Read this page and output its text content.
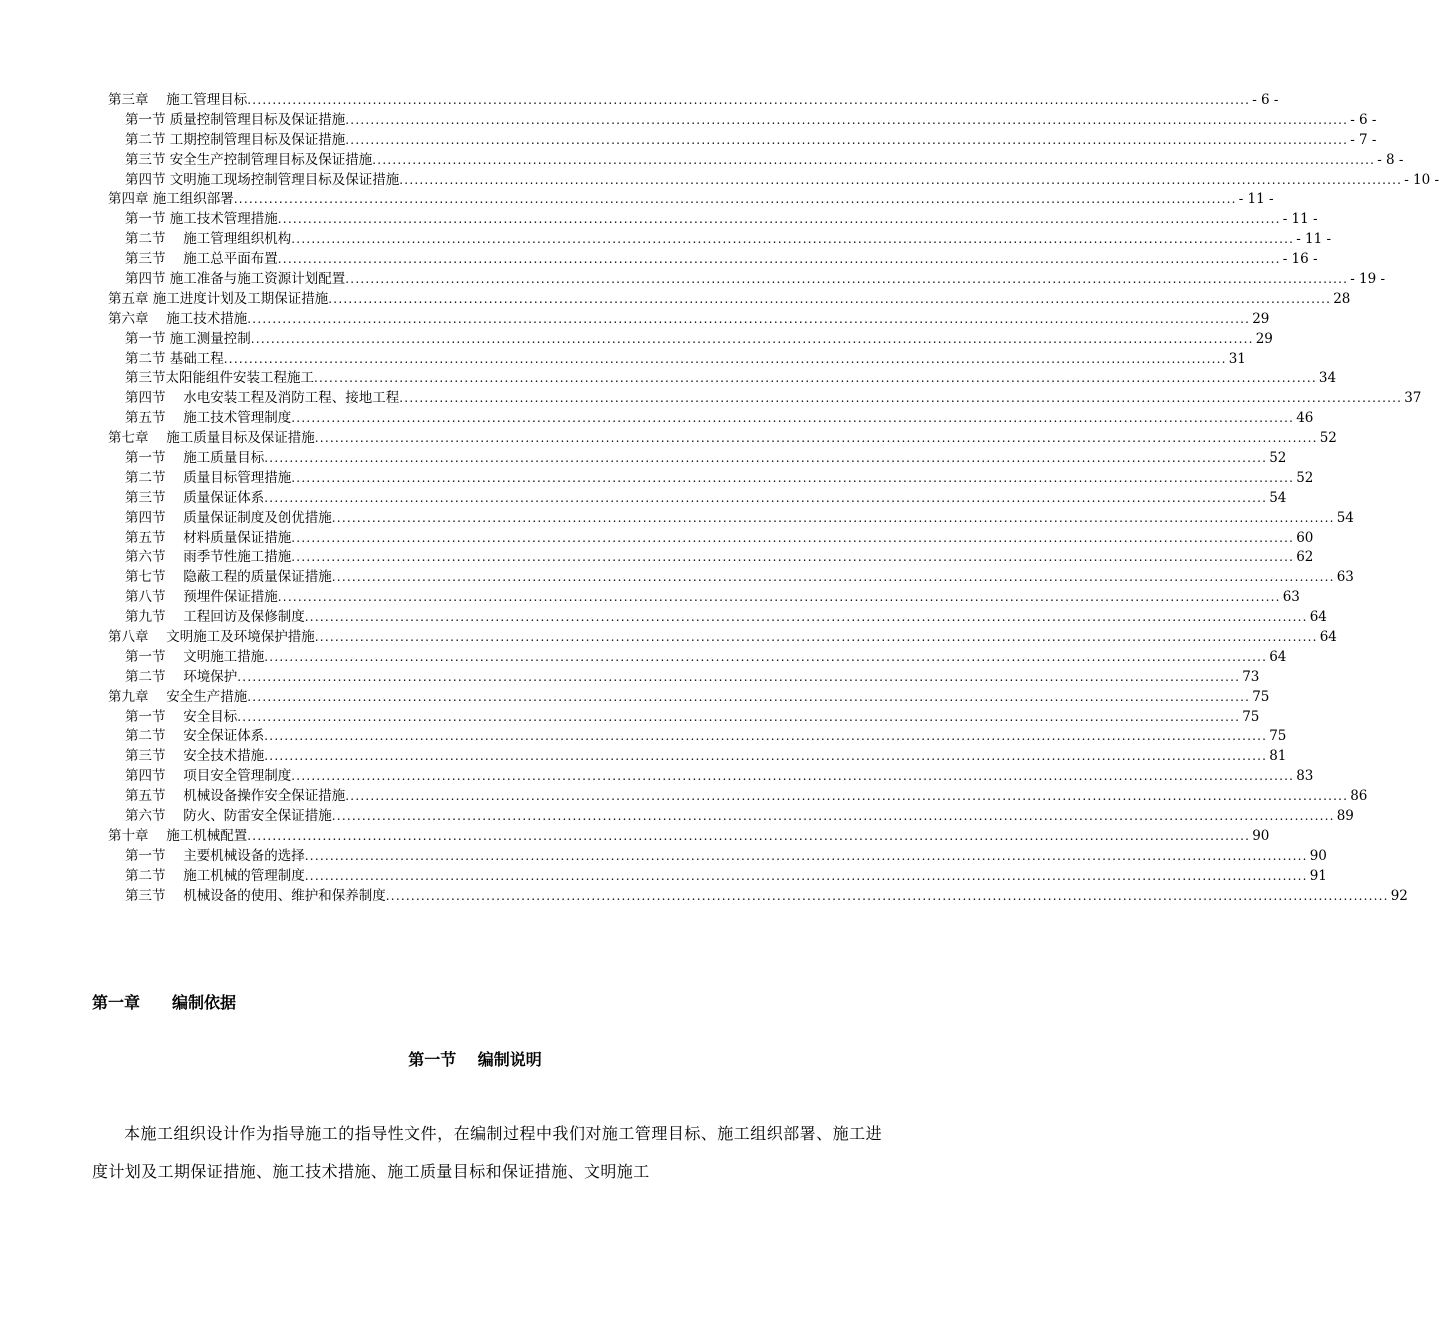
第三章　 施工管理目标 ........................................................................................................................................................................................................ - 6 -
第一节 质量控制管理目标及保证措施 ........................................................................................................................................................................................................ - 6 -
第二节 工期控制管理目标及保证措施 ........................................................................................................................................................................................................ - 7 -
第三节 安全生产控制管理目标及保证措施 ........................................................................................................................................................................................................ - 8 -
第四节 文明施工现场控制管理目标及保证措施 ........................................................................................................................................................................................................ - 10 -
第四章 施工组织部署 ........................................................................................................................................................................................................ - 11 -
第一节 施工技术管理措施 ........................................................................................................................................................................................................ - 11 -
第二节　 施工管理组织机构 ........................................................................................................................................................................................................ - 11 -
第三节　 施工总平面布置 ........................................................................................................................................................................................................ - 16 -
第四节 施工准备与施工资源计划配置 ........................................................................................................................................................................................................ - 19 -
第五章 施工进度计划及工期保证措施 ........................................................................................................................................................................................................ 28
第六章　 施工技术措施 ........................................................................................................................................................................................................ 29
第一节 施工测量控制 ........................................................................................................................................................................................................ 29
第二节 基础工程 ........................................................................................................................................................................................................ 31
第三节太阳能组件安装工程施工 ........................................................................................................................................................................................................ 34
第四节　 水电安装工程及消防工程、接地工程 ........................................................................................................................................................................................................ 37
第五节　 施工技术管理制度 ........................................................................................................................................................................................................ 46
第七章　 施工质量目标及保证措施 ........................................................................................................................................................................................................ 52
第一节　 施工质量目标 ........................................................................................................................................................................................................ 52
第二节　 质量目标管理措施 ........................................................................................................................................................................................................ 52
第三节　 质量保证体系 ........................................................................................................................................................................................................ 54
第四节　 质量保证制度及创优措施 ........................................................................................................................................................................................................ 54
第五节　 材料质量保证措施 ........................................................................................................................................................................................................ 60
第六节　 雨季节性施工措施 ........................................................................................................................................................................................................ 62
第七节　 隐蔽工程的质量保证措施 ........................................................................................................................................................................................................ 63
第八节　 预埋件保证措施 ........................................................................................................................................................................................................ 63
第九节　 工程回访及保修制度 ........................................................................................................................................................................................................ 64
第八章　 文明施工及环境保护措施 ........................................................................................................................................................................................................ 64
第一节　 文明施工措施 ........................................................................................................................................................................................................ 64
第二节　 环境保护 ........................................................................................................................................................................................................ 73
第九章　 安全生产措施 ........................................................................................................................................................................................................ 75
第一节　 安全目标 ........................................................................................................................................................................................................ 75
第二节　 安全保证体系 ........................................................................................................................................................................................................ 75
第三节　 安全技术措施 ........................................................................................................................................................................................................ 81
第四节　 项目安全管理制度 ........................................................................................................................................................................................................ 83
第五节　 机械设备操作安全保证措施 ........................................................................................................................................................................................................ 86
第六节　 防火、防雷安全保证措施 ........................................................................................................................................................................................................ 89
第十章　 施工机械配置 ........................................................................................................................................................................................................ 90
第一节　 主要机械设备的选择 ........................................................................................................................................................................................................ 90
第二节　 施工机械的管理制度 ........................................................................................................................................................................................................ 91
第三节　 机械设备的使用、维护和保养制度 ........................................................................................................................................................................................................ 92
第一章　　编制依据
第一节　 编制说明
本施工组织设计作为指导施工的指导性文件，在编制过程中我们对施工管理目标、施工组织部署、施工进度计划及工期保证措施、施工技术措施、施工质量目标和保证措施、文明施工
